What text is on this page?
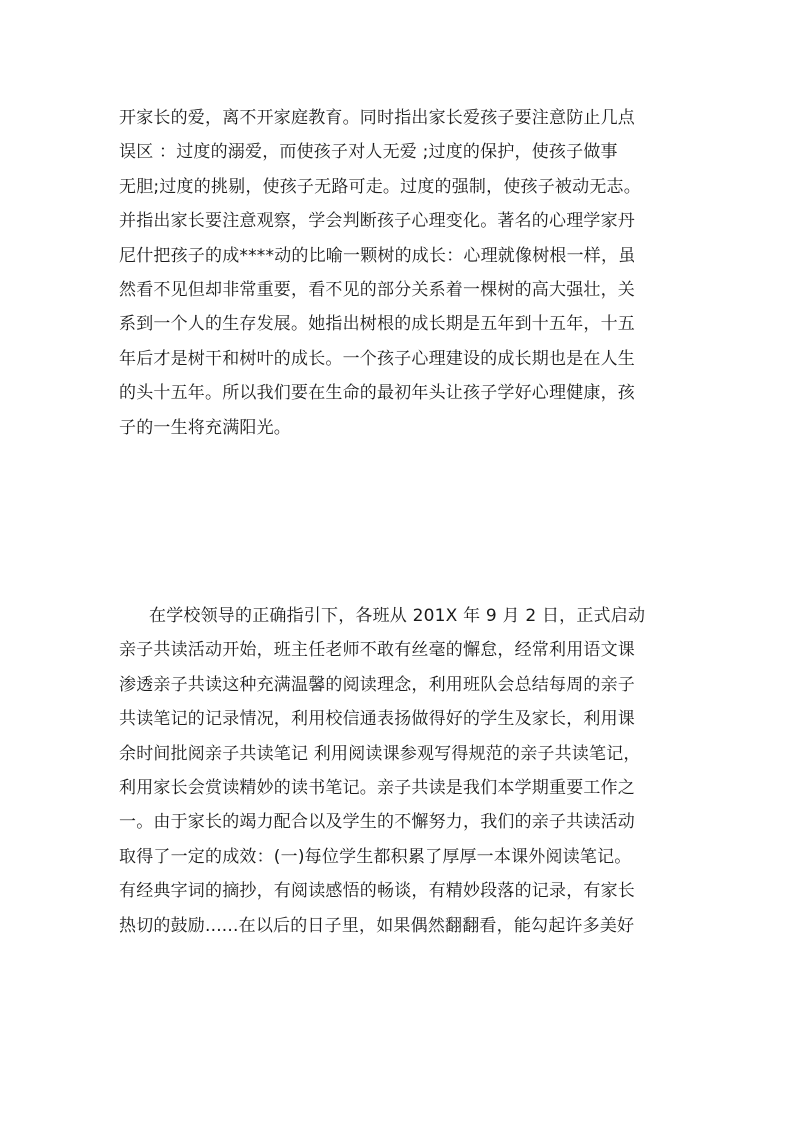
开家长的爱，离不开家庭教育。同时指出家长爱孩子要注意防止几点
误区 ：过度的溺爱，而使孩子对人无爱 ;过度的保护，使孩子做事
无胆;过度的挑剔，使孩子无路可走。过度的强制，使孩子被动无志。
并指出家长要注意观察，学会判断孩子心理变化。著名的心理学家丹
尼什把孩子的成****动的比喻一颗树的成长：心理就像树根一样，虽
然看不见但却非常重要，看不见的部分关系着一棵树的高大强壮，关
系到一个人的生存发展。她指出树根的成长期是五年到十五年，十五
年后才是树干和树叶的成长。一个孩子心理建设的成长期也是在人生
的头十五年。所以我们要在生命的最初年头让孩子学好心理健康，孩
子的一生将充满阳光。
在学校领导的正确指引下，各班从 201X 年 9 月 2 日，正式启动
亲子共读活动开始，班主任老师不敢有丝毫的懈怠，经常利用语文课
渗透亲子共读这种充满温馨的阅读理念，利用班队会总结每周的亲子
共读笔记的记录情况，利用校信通表扬做得好的学生及家长，利用课
余时间批阅亲子共读笔记 利用阅读课参观写得规范的亲子共读笔记，
利用家长会赏读精妙的读书笔记。亲子共读是我们本学期重要工作之
一。由于家长的竭力配合以及学生的不懈努力，我们的亲子共读活动
取得了一定的成效：(一)每位学生都积累了厚厚一本课外阅读笔记。
有经典字词的摘抄，有阅读感悟的畅谈，有精妙段落的记录，有家长
热切的鼓励......在以后的日子里，如果偶然翻翻看，能勾起许多美好
